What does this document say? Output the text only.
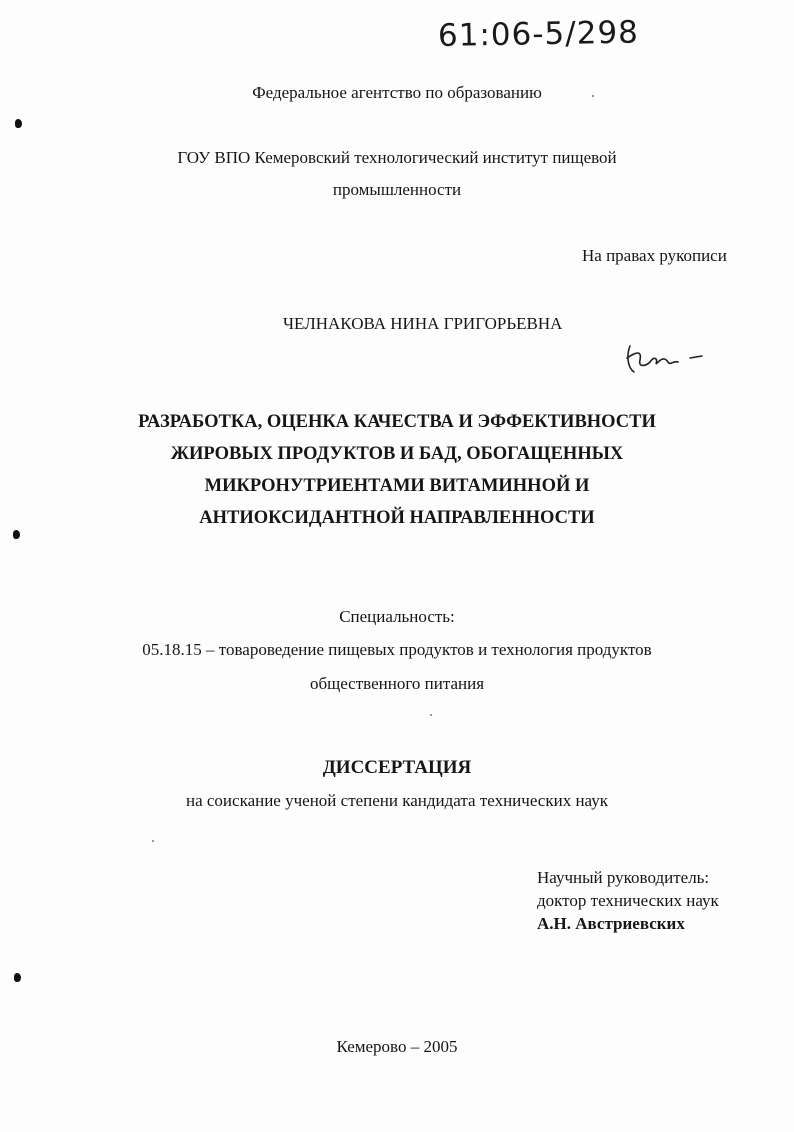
61:06-5/298
Федеральное агентство по образованию
ГОУ ВПО Кемеровский технологический институт пищевой
промышленности
На правах рукописи
ЧЕЛНАКОВА НИНА ГРИГОРЬЕВНА
РАЗРАБОТКА, ОЦЕНКА КАЧЕСТВА И ЭФФЕКТИВНОСТИ
ЖИРОВЫХ ПРОДУКТОВ И БАД, ОБОГАЩЕННЫХ
МИКРОНУТРИЕНТАМИ ВИТАМИННОЙ И
АНТИОКСИДАНТНОЙ НАПРАВЛЕННОСТИ
Специальность:
05.18.15 – товароведение пищевых продуктов и технология продуктов
общественного питания
ДИССЕРТАЦИЯ
на соискание ученой степени кандидата технических наук
Научный руководитель:
доктор технических наук
А.Н. Австриевских
Кемерово – 2005
